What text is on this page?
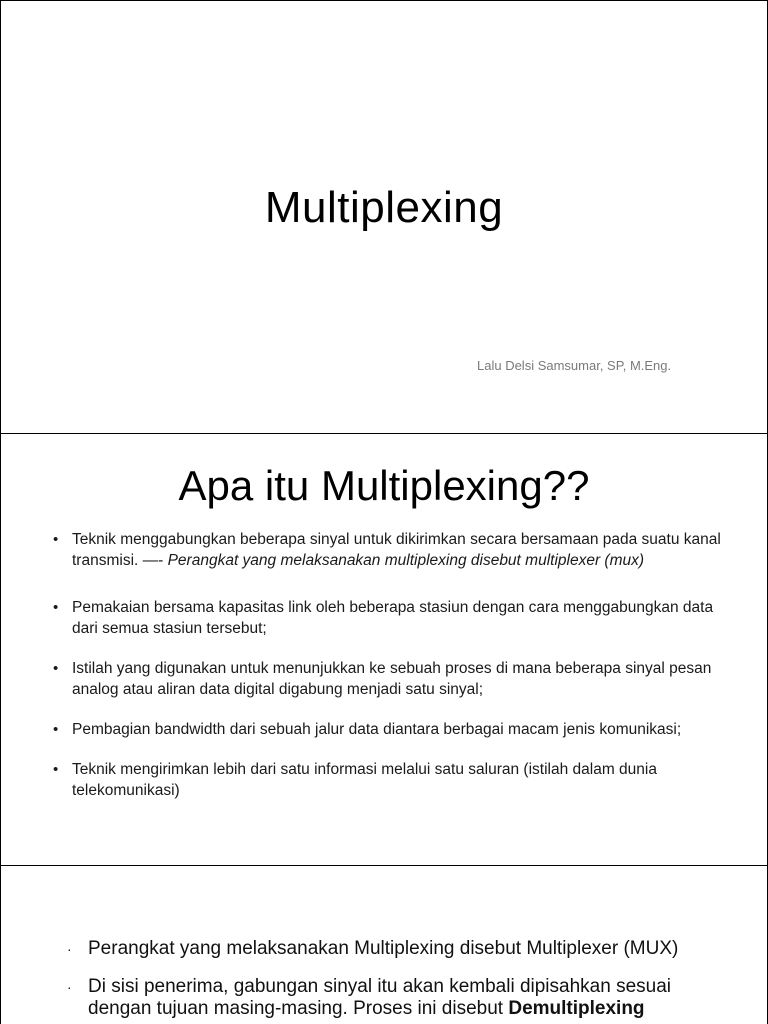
Multiplexing
Lalu Delsi Samsumar, SP, M.Eng.
Apa itu Multiplexing??
• Teknik menggabungkan beberapa sinyal untuk dikirimkan secara bersamaan pada suatu kanal transmisi. —- Perangkat yang melaksanakan multiplexing disebut multiplexer (mux)
• Pemakaian bersama kapasitas link oleh beberapa stasiun dengan cara menggabungkan data dari semua stasiun tersebut;
• Istilah yang digunakan untuk menunjukkan ke sebuah proses di mana beberapa sinyal pesan analog atau aliran data digital digabung menjadi satu sinyal;
• Pembagian bandwidth dari sebuah jalur data diantara berbagai macam jenis komunikasi;
• Teknik mengirimkan lebih dari satu informasi melalui satu saluran (istilah dalam dunia telekomunikasi)
· Perangkat yang melaksanakan Multiplexing disebut Multiplexer (MUX)
· Di sisi penerima, gabungan sinyal itu akan kembali dipisahkan sesuai dengan tujuan masing-masing. Proses ini disebut Demultiplexing
